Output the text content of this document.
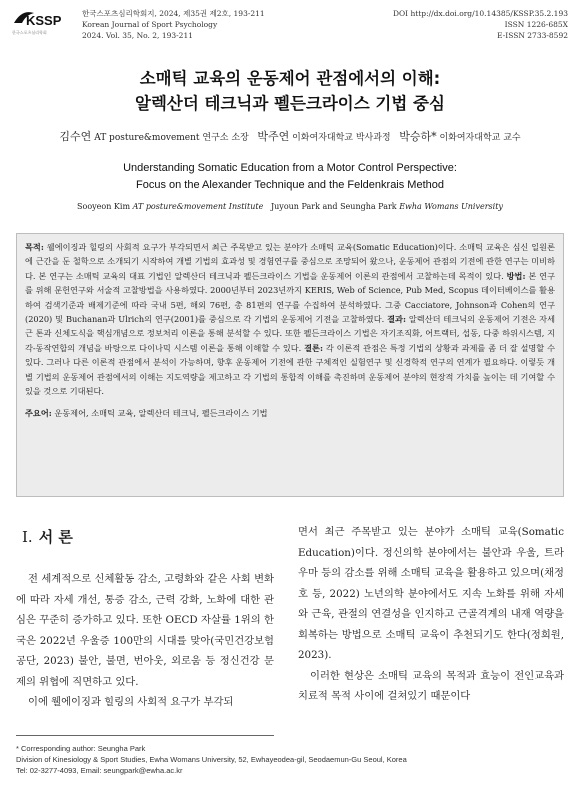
KSSP
한국스포츠심리학회
한국스포츠심리학회지, 2024, 제35권 제2호, 193-211
Korean Journal of Sport Psychology
2024. Vol. 35, No. 2, 193-211
DOI http://dx.doi.org/10.14385/KSSP.35.2.193
ISSN 1226-685X
E-ISSN 2733-8592
소매틱 교육의 운동제어 관점에서의 이해:
알렉산더 테크닉과 펠든크라이스 기법 중심
김수연 AT posture&movement 연구소 소장 박주연 이화여자대학교 박사과정 박승하* 이화여자대학교 교수
Understanding Somatic Education from a Motor Control Perspective:
Focus on the Alexander Technique and the Feldenkrais Method
Sooyeon Kim AT posture&movement Institute Juyoun Park and Seungha Park Ewha Womans University
목적: 웰에이징과 힐링의 사회적 요구가 부각되면서 최근 주목받고 있는 분야가 소매틱 교육(Somatic Education)이다. 소매틱 교육은 심신 일원론에 근간을 둔 철학으로 소개되기 시작하여 개별 기법의 효과성 및 경험연구를 중심으로 조망되어 왔으나, 운동제어 관점의 기전에 관한 연구는 미비하다. 본 연구는 소매틱 교육의 대표 기법인 알렉산더 테크닉과 펠든크라이스 기법을 운동제어 이론의 관점에서 고찰하는데 목적이 있다. 방법: 본 연구를 위해 문헌연구와 서술적 고찰방법을 사용하였다. 2000년부터 2023년까지 KERIS, Web of Science, Pub Med, Scopus 데이터베이스를 활용하여 검색기준과 배제기준에 따라 국내 5편, 해외 76편, 총 81편의 연구를 수집하여 분석하였다. 그중 Cacciatore, Johnson과 Cohen의 연구(2020) 및 Buchanan과 Ulrich의 연구(2001)를 중심으로 각 기법의 운동제어 기전을 고찰하였다. 결과: 알렉산더 테크닉의 운동제어 기전은 자세근 톤과 신체도식을 핵심개념으로 정보처리 이론을 통해 분석할 수 있다. 또한 펠든크라이스 기법은 자기조직화, 어트랙터, 섭동, 다중 하위시스템, 지각-동작연합의 개념을 바탕으로 다이나믹 시스템 이론을 통해 이해할 수 있다. 결론: 각 이론적 관점은 특정 기법의 상황과 과제를 좀 더 잘 설명할 수 있다. 그러나 다른 이론적 관점에서 분석이 가능하며, 향후 운동제어 기전에 관한 구체적인 실험연구 및 신경학적 연구의 연계가 필요하다. 이렇듯 개별 기법의 운동제어 관점에서의 이해는 지도역량을 제고하고 각 기법의 통합적 이해를 촉진하며 운동제어 분야의 현장적 가치를 높이는 데 기여할 수 있을 것으로 기대된다.
주요어: 운동제어, 소매틱 교육, 알렉산더 테크닉, 펠든크라이스 기법
I. 서 론
전 세계적으로 신체활동 감소, 고령화와 같은 사회 변화에 따라 자세 개선, 통증 감소, 근력 강화, 노화에 대한 관심은 꾸준히 증가하고 있다. 또한 OECD 자살률 1위의 한국은 2022년 우울증 100만의 시대를 맞아(국민건강보험공단, 2023) 불안, 불면, 번아웃, 외로움 등 정신건강 문제의 위협에 직면하고 있다.
이에 웰에이징과 힐링의 사회적 요구가 부각되
면서 최근 주목받고 있는 분야가 소매틱 교육(Somatic Education)이다. 정신의학 분야에서는 불안과 우울, 트라우마 등의 감소를 위해 소매틱 교육을 활용하고 있으며(채정호 등, 2022) 노년의학 분야에서도 지속 노화를 위해 자세와 근육, 관절의 연결성을 인지하고 근골격계의 내재 역량을 회복하는 방법으로 소매틱 교육이 추천되기도 한다(정희원, 2023).
이러한 현상은 소매틱 교육의 목적과 효능이 전인교육과 치료적 목적 사이에 걸쳐있기 때문이다
* Corresponding author: Seungha Park
Division of Kinesiology & Sport Studies, Ewha Womans University, 52, Ewhayeodea-gil, Seodaemun-Gu Seoul, Korea
Tel: 02-3277-4093, Email: seungpark@ewha.ac.kr
